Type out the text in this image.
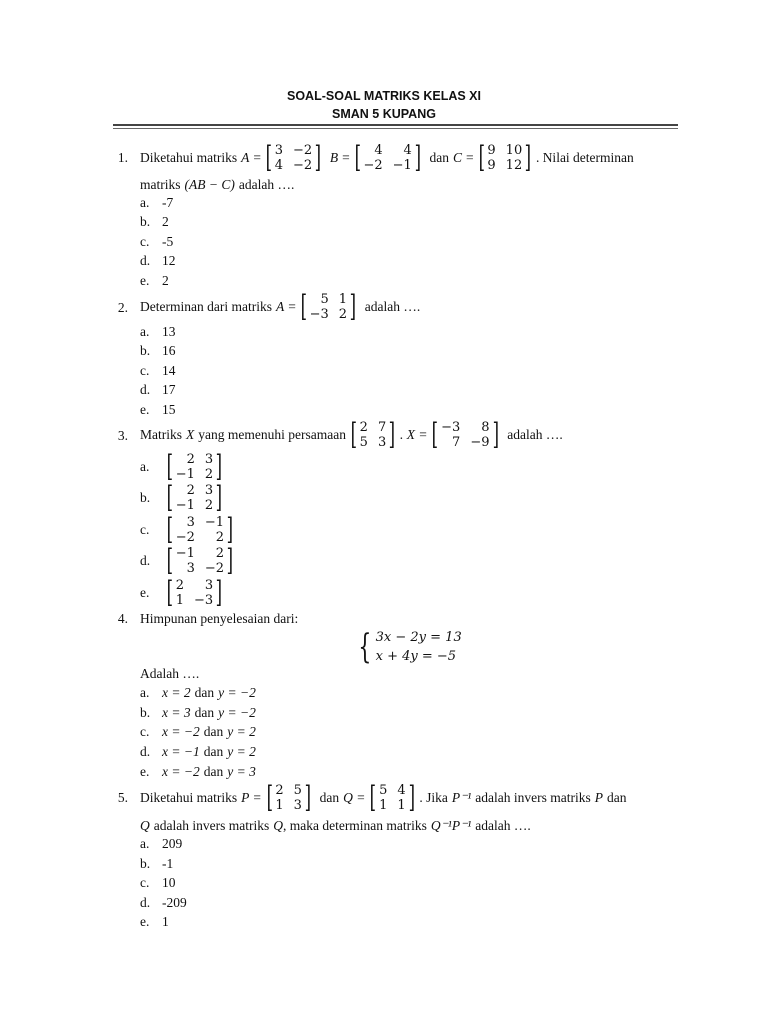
SOAL-SOAL MATRIKS KELAS XI
SMAN 5 KUPANG
1. Diketahui matriks A = [ 3 −2
4 −2 ] B = [	4	4
−2 −1 ] dan C = [ 9 10
9 12 ] . Nilai determinan
matriks (AB − C) adalah ….
a. -7
b. 2
c. -5
d. 12
e. 2
2. Determinan dari matriks A = [	5 1
−3 2 ] adalah ….
a. 13
b. 16
c. 14
d. 17
e. 15
3. Matriks X yang memenuhi persamaan [ 2 7
5 3 ] . X = [ −3	8
7 −9 ] adalah ….
a. [	2 3
−1 2 ]
b. [	2 3
−1 2 ]
c. [	3 −1
−2	2 ]
d. [ −1	2
3 −2 ]
e. [ 2	3
1 −3 ]
4. Himpunan penyelesaian dari:
{ 3x − 2y = 13
x + 4y = −5
Adalah ….
a. x = 2 dan y = −2
b. x = 3 dan y = −2
c. x = −2 dan y = 2
d. x = −1 dan y = 2
e. x = −2 dan y = 3
5. Diketahui matriks P = [ 2 5
1 3 ] dan Q = [ 5 4
1 1 ] . Jika P⁻¹ adalah invers matriks P dan
Q adalah invers matriks Q , maka determinan matriks Q⁻¹P⁻¹ adalah ….
a. 209
b. -1
c. 10
d. -209
e. 1
